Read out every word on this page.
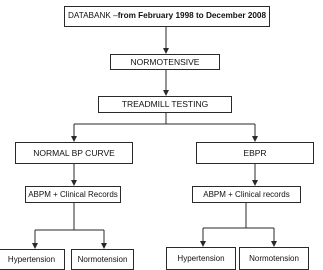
DATABANK – from February 1998 to December 2008
NORMOTENSIVE
TREADMILL TESTING
NORMAL BP CURVE	EBPR
ABPM + Clinical Records	ABPM + Clinical records
Hypertension	Normotension	Hypertension	Normotension
